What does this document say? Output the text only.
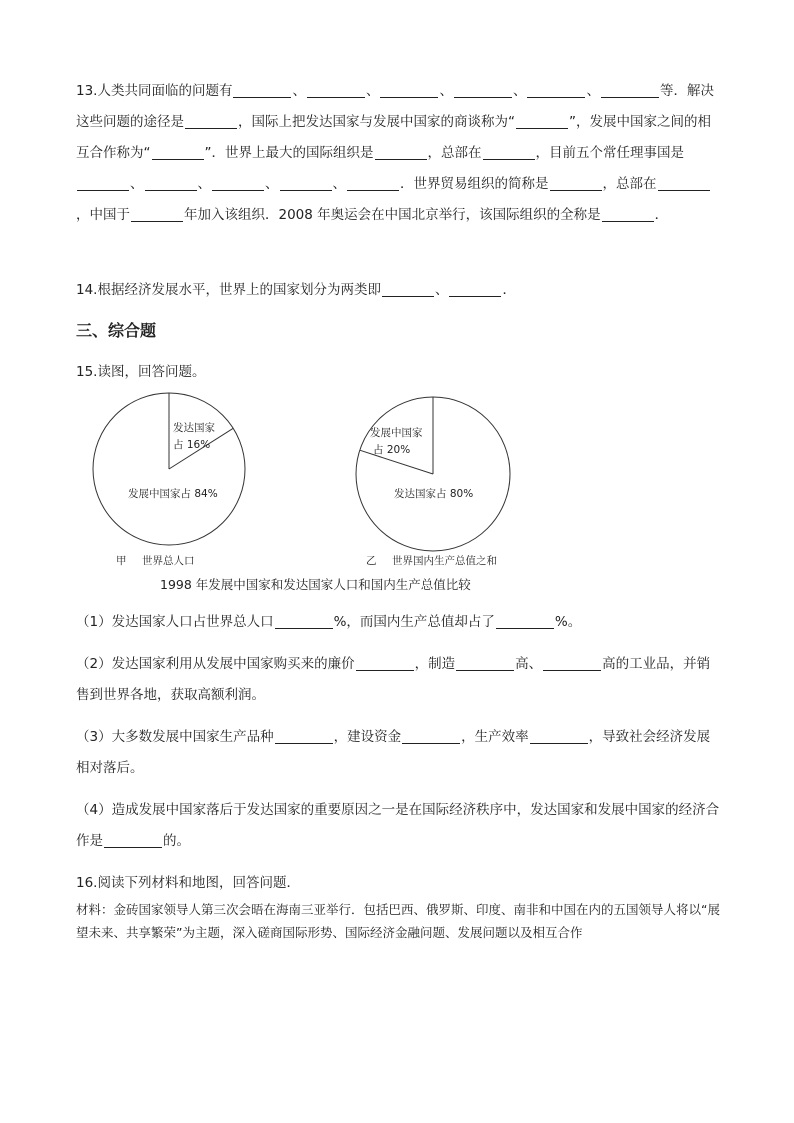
13.人类共同面临的问题有	、	、	、	、	、	等．解决这些问题的途径是	，国际上把发达国家与发展中国家的商谈称为“	”，发展中国家之间的相互合作称为“	”．世界上最大的国际组织是	，总部在	，目前五个常任理事国是、	、	、	、	．世界贸易组织的简称是	，总部在，中国于	年加入该组织．2008 年奥运会在中国北京举行，该国际组织的全称是	．

14.根据经济发展水平，世界上的国家划分为两类即	、	．

三、综合题

15.读图，回答问题。

发达国家
占 16%
发展中国家占 84%
甲 世界总人口
发展中国家
占 20%
发达国家占 80%
乙 世界国内生产总值之和

1998 年发展中国家和发达国家人口和国内生产总值比较

（1）发达国家人口占世界总人口	%，而国内生产总值却占了	%。

（2）发达国家利用从发展中国家购买来的廉价	，制造	高、	高的工业品，并销售到世界各地，获取高额利润。

（3）大多数发展中国家生产品种	，建设资金	，生产效率	，导致社会经济发展相对落后。

（4）造成发展中国家落后于发达国家的重要原因之一是在国际经济秩序中，发达国家和发展中国家的经济合作是	的。

16.阅读下列材料和地图，回答问题．

材料：金砖国家领导人第三次会晤在海南三亚举行．包括巴西、俄罗斯、印度、南非和中国在内的五国领导人将以“展望未来、共享繁荣”为主题，深入磋商国际形势、国际经济金融问题、发展问题以及相互合作
